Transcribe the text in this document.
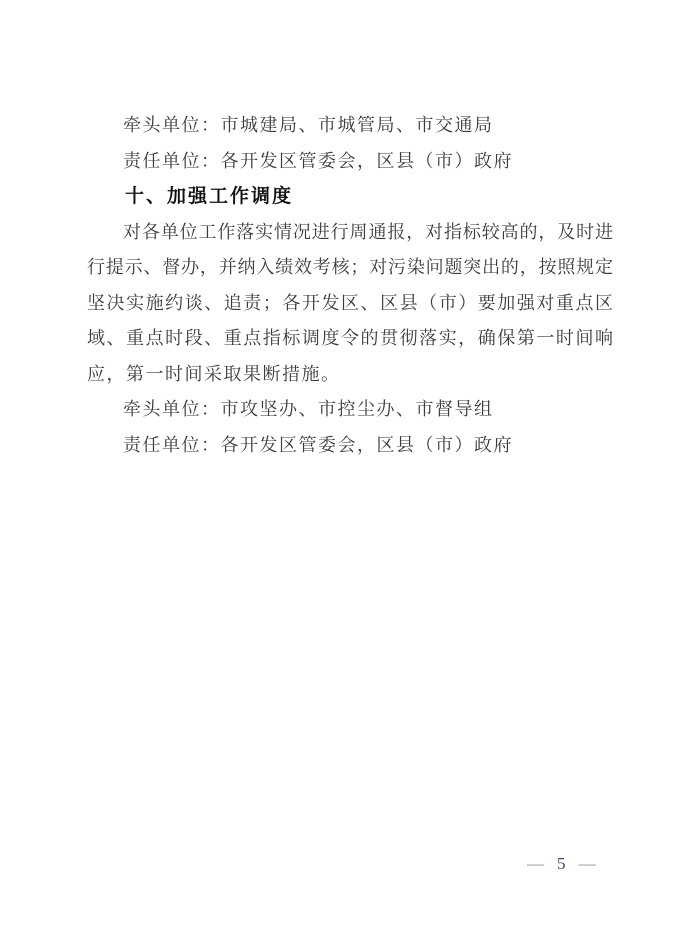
牵头单位：市城建局、市城管局、市交通局

责任单位：各开发区管委会，区县（市）政府

十、加强工作调度

对各单位工作落实情况进行周通报，对指标较高的，及时进

行提示、督办，并纳入绩效考核；对污染问题突出的，按照规定

坚决实施约谈、追责；各开发区、区县（市）要加强对重点区

域、重点时段、重点指标调度令的贯彻落实，确保第一时间响

应，第一时间采取果断措施。

牵头单位：市攻坚办、市控尘办、市督导组

责任单位：各开发区管委会，区县（市）政府

— 5 —
